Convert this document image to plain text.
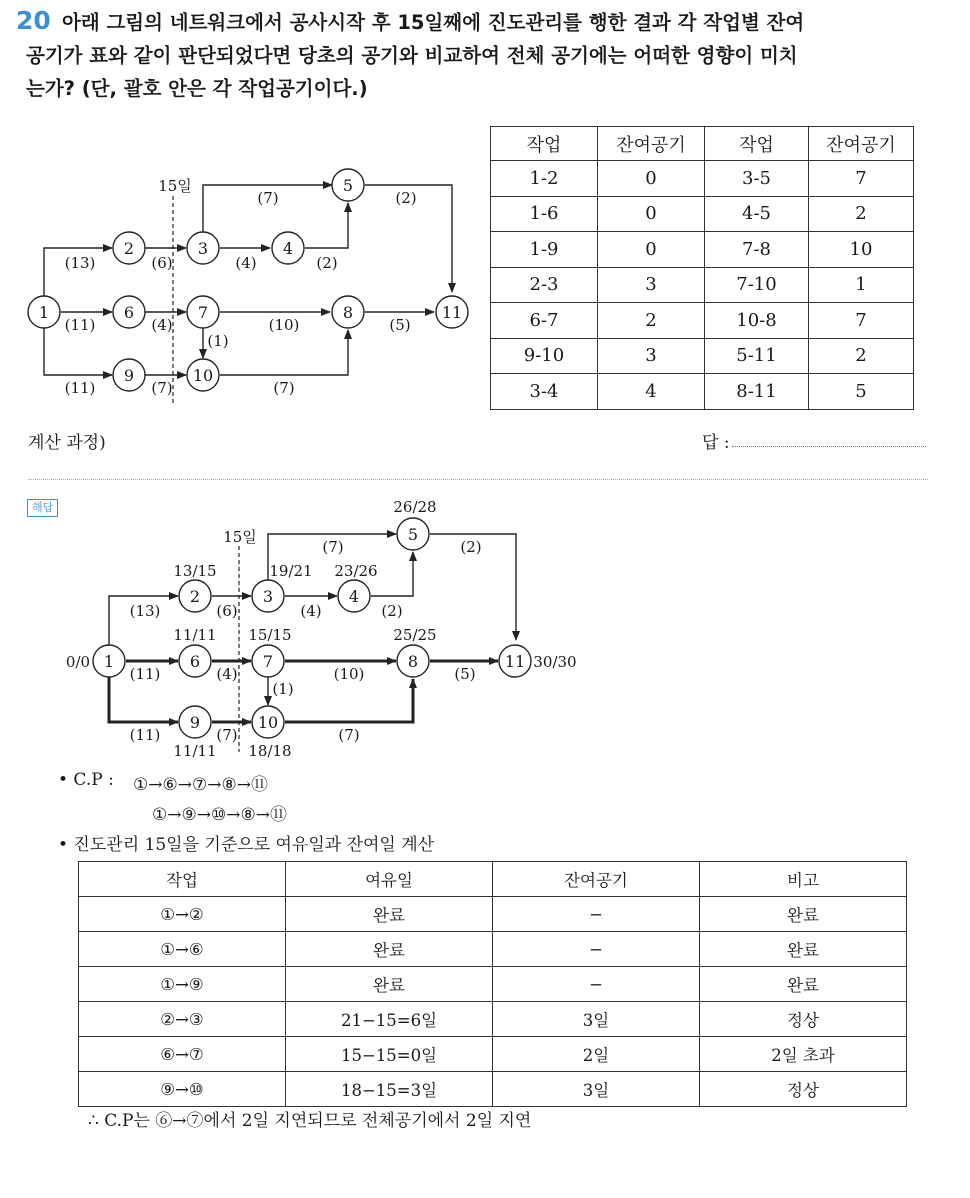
20 아래 그림의 네트워크에서 공사시작 후 15일째에 진도관리를 행한 결과 각 작업별 잔여
공기가 표와 같이 판단되었다면 당초의 공기와 비교하여 전체 공기에는 어떠한 영향이 미치
는가? (단, 괄호 안은 각 작업공기이다.)
1
2	3	4
5
6	7	8
9	10
11
15일
(13)	(6)
(7)
(4)	(2)
(2)
(11)	(4)	(10)	(5)
(1)
(11)	(7)	(7)
작업	잔여공기	작업	잔여공기
1-2	0	3-5	7
1-6	0	4-5	2
1-9	0	7-8	10
2-3	3	7-10	1
6-7	2	10-8	7
9-10	3	5-11	2
3-4	4	8-11	5
계산 과정)	답 :
해답
1
2	3	4
5
6	7	8
9	10
11
15일
(13)	(6)
(7)
(4)	(2)
(2)
(11)	(4)	(10)	(5)
(1)
(11)	(7)	(7)
0/0
13/15	19/21 23/26
26/28
11/11 15/15	25/25
11/11 18/18
30/30
• C.P : ①→⑥→⑦→⑧→⑪
①→⑨→⑩→⑧→⑪
• 진도관리 15일을 기준으로 여유일과 잔여일 계산
작업	여유일	잔여공기	비고
①→②	완료	−	완료
①→⑥	완료	−	완료
①→⑨	완료	−	완료
②→③	21−15=6일	3일	정상
⑥→⑦	15−15=0일	2일	2일 초과
⑨→⑩	18−15=3일	3일	정상
∴ C.P는 ⑥→⑦에서 2일 지연되므로 전체공기에서 2일 지연
